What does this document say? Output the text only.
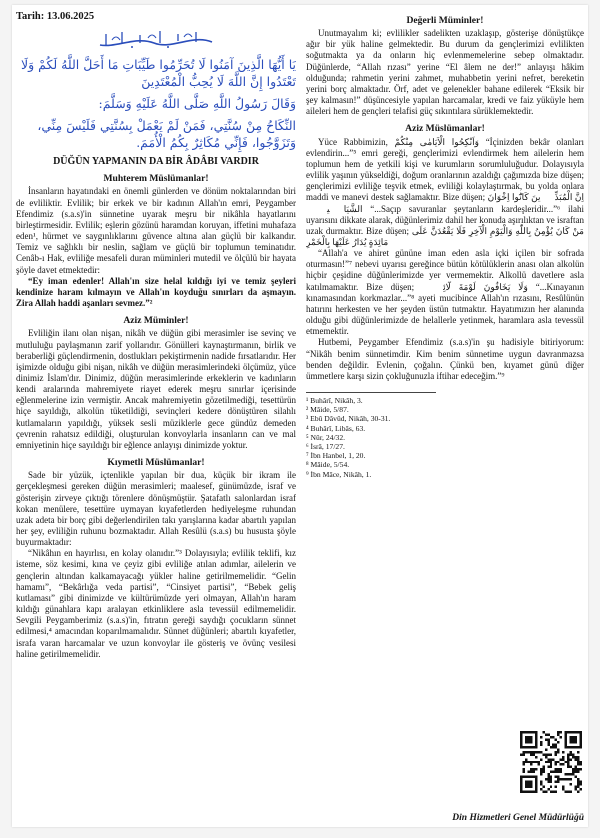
Tarih: 13.06.2025
يَا أَيُّهَا الَّذِينَ آمَنُوا لَا تُحَرِّمُوا طَيِّبَاتِ مَا أَحَلَّ اللَّهُ لَكُمْ وَلَا تَعْتَدُوا إِنَّ اللَّهَ لَا يُحِبُّ الْمُعْتَدِينَ
وَقَالَ رَسُولُ اللَّهِ صَلَّى اللَّهُ عَلَيْهِ وَسَلَّمَ:
النِّكَاحُ مِنْ سُنَّتِي، فَمَنْ لَمْ يَعْمَلْ بِسُنَّتِي فَلَيْسَ مِنِّي، وَتَزَوَّجُوا، فَإِنِّي مُكَاثِرٌ بِكُمُ الْأُمَمَ.
DÜĞÜN YAPMANIN DA BİR ÂDÂBI VARDIR
Muhterem Müslümanlar!

İnsanların hayatındaki en önemli günlerden ve dönüm noktalarından biri de evliliktir. Evlilik; bir erkek ve bir kadının Allah'ın emri, Peygamber Efendimiz (s.a.s)'in sünnetine uyarak meşru bir nikâhla hayatlarını birleştirmesidir. Evlilik; eşlerin gözünü haramdan koruyan, iffetini muhafaza eden¹, hürmet ve saygınlıklarını güvence altına alan güçlü bir kalkandır. Temiz ve sağlıklı bir neslin, sağlam ve güçlü bir toplumun teminatıdır. Cenâb-ı Hak, evliliğe mesafeli duran müminleri mutedil ve ölçülü bir hayata şöyle davet etmektedir:

“Ey iman edenler! Allah'ın size helal kıldığı iyi ve temiz şeyleri kendinize haram kılmayın ve Allah'ın koyduğu sınırları da aşmayın. Zira Allah haddi aşanları sevmez.”²

Aziz Müminler!

Evliliğin ilanı olan nişan, nikâh ve düğün gibi merasimler ise sevinç ve mutluluğu paylaşmanın zarif yollarıdır. Gönülleri kaynaştırmanın, birlik ve beraberliği güçlendirmenin, dostlukları pekiştirmenin nadide fırsatlarıdır. Her işimizde olduğu gibi nişan, nikâh ve düğün merasimlerindeki ölçümüz, yüce dinimiz İslam'dır. Dinimiz, düğün merasimlerinde erkeklerin ve kadınların kendi aralarında mahremiyete riayet ederek meşru sınırlar içerisinde eğlenmelerine izin vermiştir. Ancak mahremiyetin gözetilmediği, tesettürün hiçe sayıldığı, alkolün tüketildiği, sevinçleri kedere dönüştüren silahlı kutlamaların yapıldığı, yüksek sesli müziklerle gece gündüz demeden çevrenin rahatsız edildiği, oluşturulan konvoylarla insanların can ve mal emniyetinin hiçe sayıldığı bir eğlence anlayışı dinimizde yoktur.

Kıymetli Müslümanlar!

Sade bir yüzük, içtenlikle yapılan bir dua, küçük bir ikram ile gerçekleşmesi gereken düğün merasimleri; maalesef, günümüzde, israf ve gösterişin zirveye çıktığı törenlere dönüşmüştür. Şatafatlı salonlardan israf kokan menülere, tesettüre uymayan kıyafetlerden hediyeleşme ruhundan uzak adeta bir borç gibi değerlendirilen takı yarışlarına kadar abartılı yapılan her şey, evliliğin ruhunu bozmaktadır. Allah Resûlü (s.a.s) bu hususta şöyle buyurmaktadır:

“Nikâhın en hayırlısı, en kolay olanıdır.”³ Dolayısıyla; evlilik teklifi, kız isteme, söz kesimi, kına ve çeyiz gibi evliliğe atılan adımlar, ailelerin ve gençlerin altından kalkamayacağı yükler haline getirilmemelidir. “Gelin hamamı”, “Bekârlığa veda partisi”, “Cinsiyet partisi”, “Bebek geliş kutlaması” gibi dinimizde ve kültürümüzde yeri olmayan, Allah'ın haram kıldığı günahlara kapı aralayan etkinliklere asla tevessül edilmemelidir. Sevgili Peygamberimiz (s.a.s)'in, fıtratın gereği saydığı çocukların sünnet edilmesi,⁴ amacından koparılmamalıdır. Sünnet düğünleri; abartılı kıyafetler, israfa varan harcamalar ve uzun konvoylar ile gösteriş ve övünç vesilesi haline getirilmemelidir.

Değerli Müminler!

Unutmayalım ki; evlilikler sadelikten uzaklaşıp, gösterişe dönüştükçe ağır bir yük haline gelmektedir. Bu durum da gençlerimizi evlilikten soğutmakta ya da onların hiç evlenmemelerine sebep olmaktadır. Düğünlerde, “Allah rızası” yerine “El âlem ne der!” anlayışı hâkim olduğunda; rahmetin yerini zahmet, muhabbetin yerini nefret, bereketin yerini borç almaktadır. Örf, adet ve gelenekler bahane edilerek “Eksik bir şey kalmasın!” düşüncesiyle yapılan harcamalar, kredi ve faiz yüküyle hem aileleri hem de gençleri telafisi güç sıkıntılara sürüklemektedir.

Aziz Müslümanlar!

Yüce Rabbimizin, وَاَنْكِحُوا الْاَيَامٰى مِنْكُمْ “İçinizden bekâr olanları evlendirin...”⁵ emri gereği, gençlerimizi evlendirmek hem ailelerin hem toplumun hem de yetkili kişi ve kurumların sorumluluğudur. Dolayısıyla evlilik yaşının yükseldiği, doğum oranlarının azaldığı çağımızda bize düşen; gençlerimizi evliliğe teşvik etmek, evliliği kolaylaştırmak, bu yolda onlara maddi ve manevi destek sağlamaktır. Bize düşen; اِنَّ الْمُبَذِّر۪ينَ كَانُٓوا اِخْوَانَ الشَّيَاط۪ينِۜ “...Saçıp savuranlar şeytanların kardeşleridir...”⁶ ilahi uyarısını dikkate alarak, düğünlerimiz dahil her konuda aşırılıktan ve israftan uzak durmaktır. Bize düşen; مَنْ كَانَ يُؤْمِنُ بِاللّٰهِ وَالْيَوْمِ الْآخِرِ فَلَا يَقْعُدَنَّ عَلَى مَائِدَةٍ يُدَارُ عَلَيْهَا بِالْخَمْرِ

“Allah'a ve ahiret gününe iman eden asla içki içilen bir sofrada oturmasın!”⁷ nebevi uyarısı gereğince bütün kötülüklerin anası olan alkolün hiçbir çeşidine düğünlerimizde yer vermemektir. Alkollü davetlere asla katılmamaktır. Bize düşen; وَلَا يَخَافُونَ لَوْمَةَ لَٓائِمٍۜ “...Kınayanın kınamasından korkmazlar...”⁸ ayeti mucibince Allah'ın rızasını, Resûlünün hatırını herkesten ve her şeyden üstün tutmaktır. Hayatımızın her alanında olduğu gibi düğünlerimizde de helallerle yetinmek, haramlara asla tevessül etmemektir.

Hutbemi, Peygamber Efendimiz (s.a.s)'in şu hadisiyle bitiriyorum: “Nikâh benim sünnetimdir. Kim benim sünnetime uygun davranmazsa benden değildir. Evlenin, çoğalın. Çünkü ben, kıyamet günü diğer ümmetlere karşı sizin çokluğunuzla iftihar edeceğim.”⁹

¹ Buhârî, Nikâh, 3.

² Mâide, 5/87.

³ Ebû Dâvûd, Nikâh, 30-31.

⁴ Buhârî, Libâs, 63.

⁵ Nûr, 24/32.

⁶ İsrâ, 17/27.

⁷ İbn Hanbel, 1, 20.

⁸ Mâide, 5/54.

⁹ İbn Mâce, Nikâh, 1.

Din Hizmetleri Genel Müdürlüğü
